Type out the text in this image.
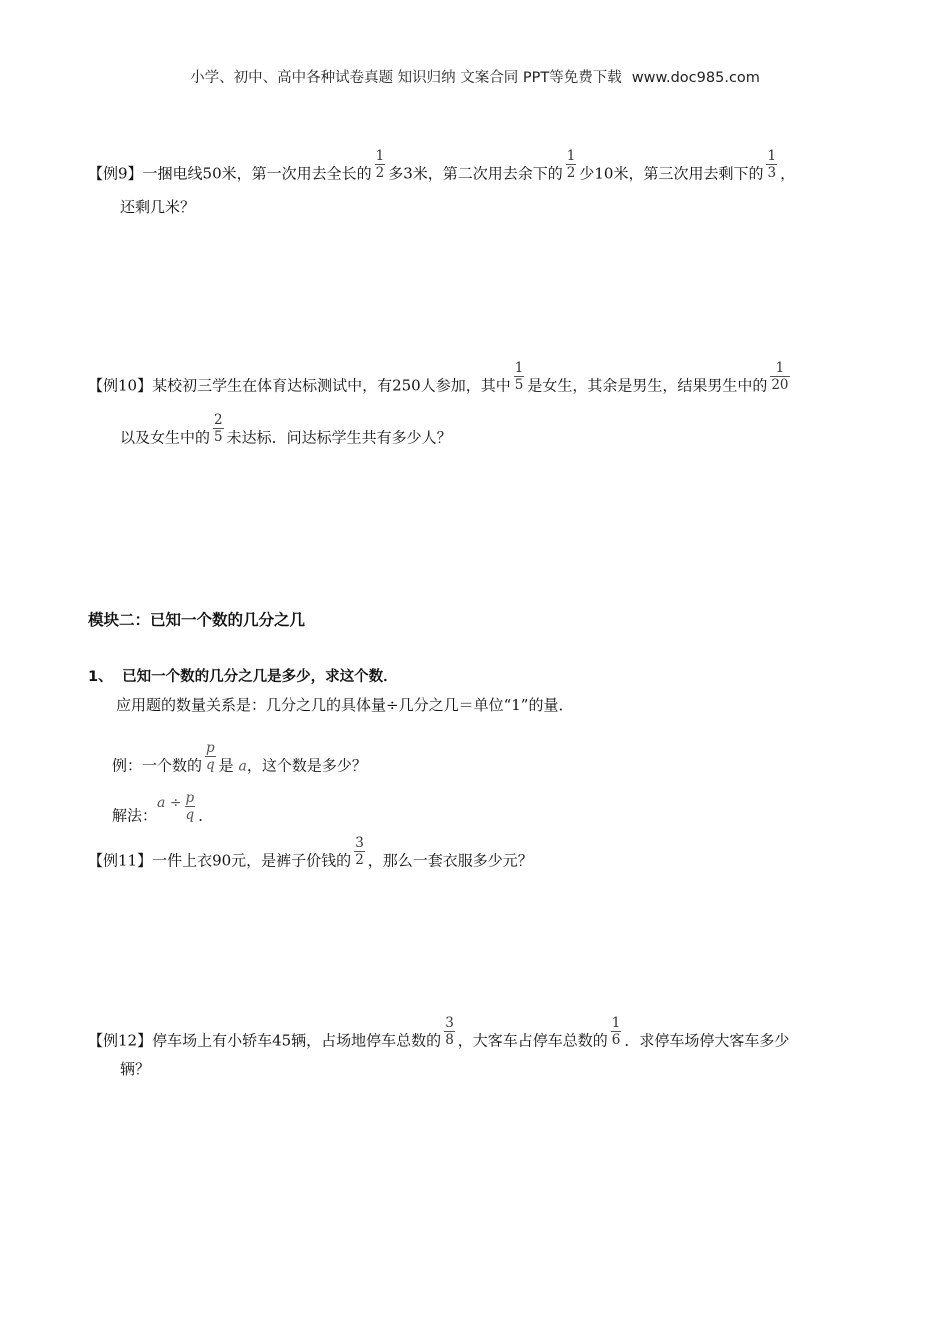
小学、初中、高中各种试卷真题 知识归纳 文案合同 PPT等免费下载 www.doc985.com
【例9】一捆电线50米，第一次用去全长的 $\frac{1}{2}$ 多3米，第二次用去余下的 $\frac{1}{2}$ 少10米，第三次用去剩下的 $\frac{1}{3}$ ，
还剩几米？
【例10】某校初三学生在体育达标测试中，有250人参加，其中 $\frac{1}{5}$ 是女生，其余是男生，结果男生中的 $\frac{1}{20}$
以及女生中的 $\frac{2}{5}$ 未达标．问达标学生共有多少人？
模块二：已知一个数的几分之几
1、 已知一个数的几分之几是多少，求这个数．
应用题的数量关系是：几分之几的具体量÷几分之几＝单位“1”的量．
例：一个数的 $\frac{p}{q}$ 是 a，这个数是多少？
解法：$a \div \frac{p}{q}$ ．
【例11】一件上衣90元，是裤子价钱的 $\frac{3}{2}$ ，那么一套衣服多少元？
【例12】停车场上有小轿车45辆，占场地停车总数的 $\frac{3}{8}$ ，大客车占停车总数的 $\frac{1}{6}$ ．求停车场停大客车多少
辆？
